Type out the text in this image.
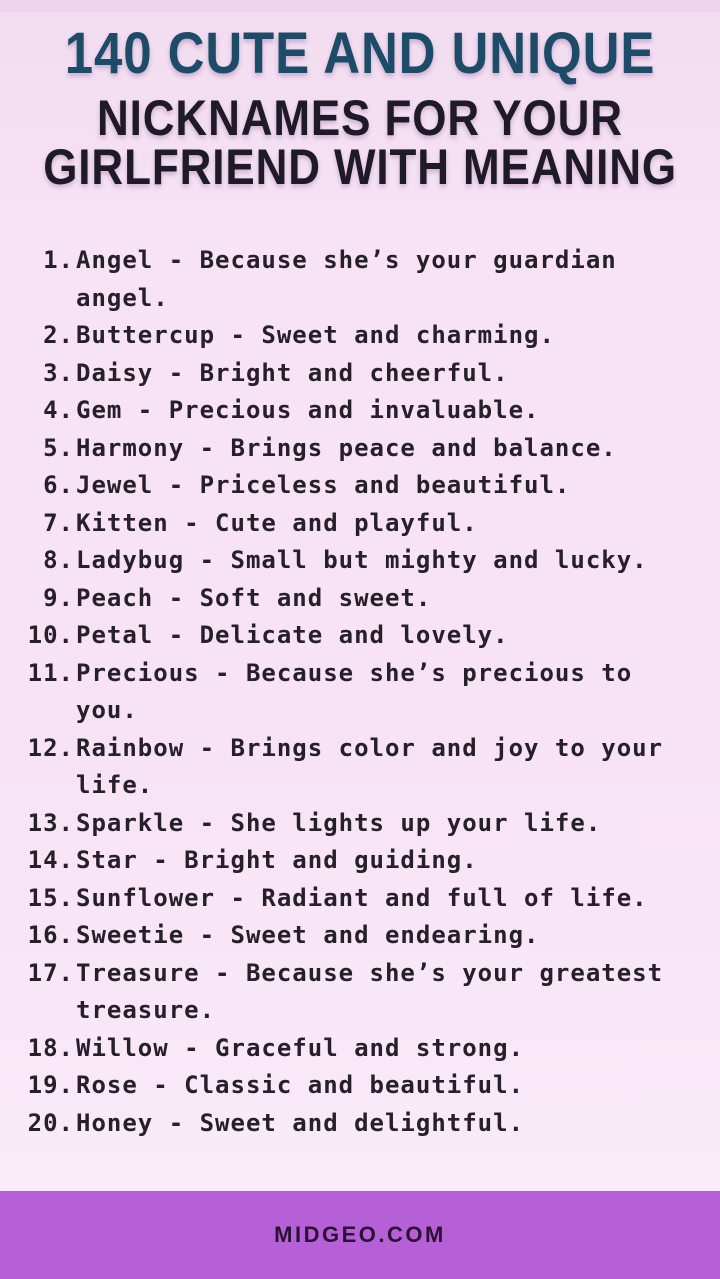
140 CUTE AND UNIQUE
NICKNAMES FOR YOUR
GIRLFRIEND WITH MEANING
1. Angel - Because she’s your guardian angel.
2. Buttercup - Sweet and charming.
3. Daisy - Bright and cheerful.
4. Gem - Precious and invaluable.
5. Harmony - Brings peace and balance.
6. Jewel - Priceless and beautiful.
7. Kitten - Cute and playful.
8. Ladybug - Small but mighty and lucky.
9. Peach - Soft and sweet.
10. Petal - Delicate and lovely.
11. Precious - Because she’s precious to you.
12. Rainbow - Brings color and joy to your life.
13. Sparkle - She lights up your life.
14. Star - Bright and guiding.
15. Sunflower - Radiant and full of life.
16. Sweetie - Sweet and endearing.
17. Treasure - Because she’s your greatest treasure.
18. Willow - Graceful and strong.
19. Rose - Classic and beautiful.
20. Honey - Sweet and delightful.
MIDGEO.COM
